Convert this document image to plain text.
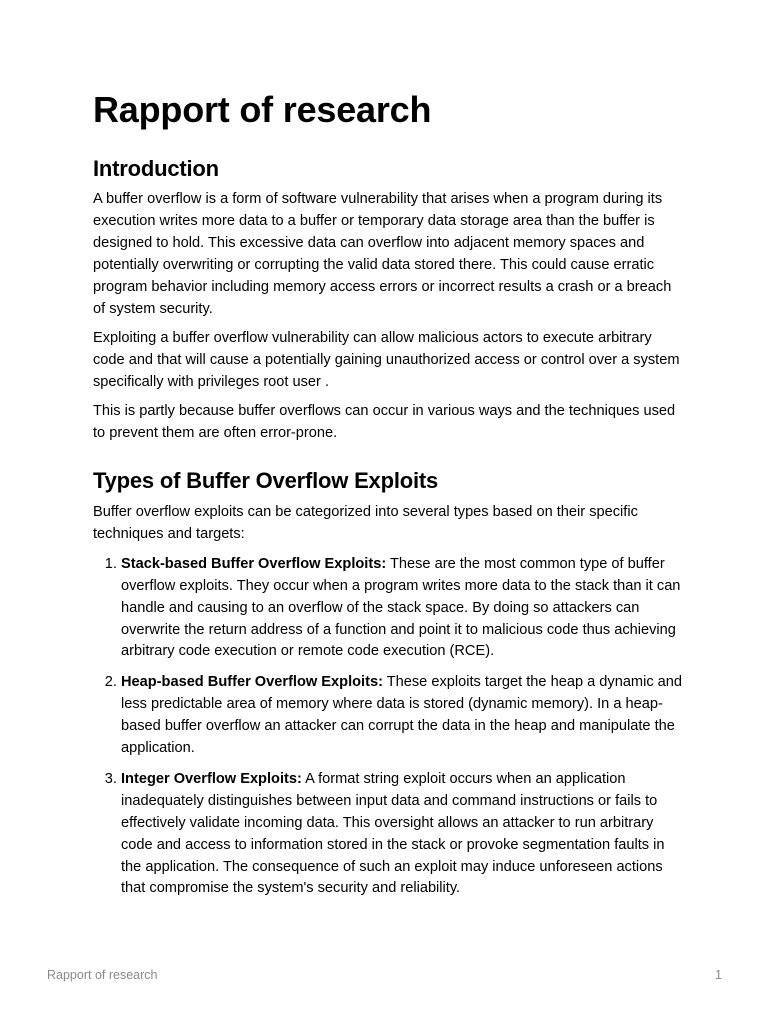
Rapport of research
Introduction

A buffer overflow is a form of software vulnerability that arises when a program during its execution writes more data to a buffer or temporary data storage area than the buffer is designed to hold. This excessive data can overflow into adjacent memory spaces and potentially overwriting or corrupting the valid data stored there. This could cause erratic program behavior including memory access errors or incorrect results a crash or a breach of system security.

Exploiting a buffer overflow vulnerability can allow malicious actors to execute arbitrary code and that will cause a potentially gaining unauthorized access or control over a system specifically with privileges root user .

This is partly because buffer overflows can occur in various ways and the techniques used to prevent them are often error-prone.

Types of Buffer Overflow Exploits

Buffer overflow exploits can be categorized into several types based on their specific techniques and targets:

1. Stack-based Buffer Overflow Exploits: These are the most common type of buffer overflow exploits. They occur when a program writes more data to the stack than it can handle and causing to an overflow of the stack space. By doing so attackers can overwrite the return address of a function and point it to malicious code thus achieving arbitrary code execution or remote code execution (RCE).
2. Heap-based Buffer Overflow Exploits: These exploits target the heap a dynamic and less predictable area of memory where data is stored (dynamic memory). In a heap-based buffer overflow an attacker can corrupt the data in the heap and manipulate the application.
3. Integer Overflow Exploits: A format string exploit occurs when an application inadequately distinguishes between input data and command instructions or fails to effectively validate incoming data. This oversight allows an attacker to run arbitrary code and access to information stored in the stack or provoke segmentation faults in the application. The consequence of such an exploit may induce unforeseen actions that compromise the system's security and reliability.
Rapport of research	1
